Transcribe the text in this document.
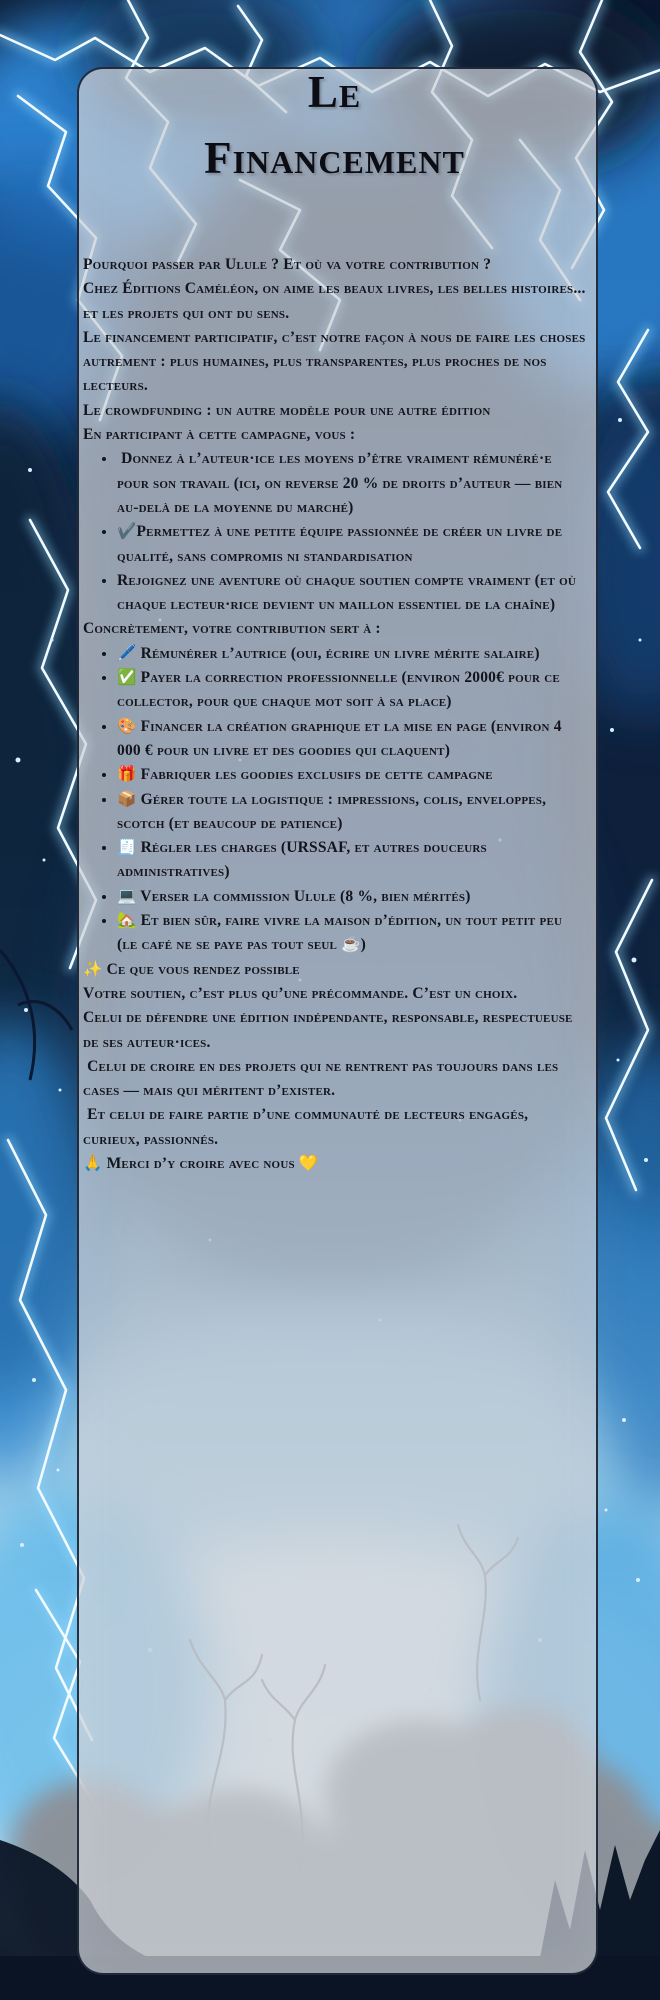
Le
Financement

Pourquoi passer par Ulule ? Et où va votre contribution ?

Chez Éditions Caméléon, on aime les beaux livres, les belles histoires... et les projets qui ont du sens.

Le financement participatif, c’est notre façon à nous de faire les choses autrement : plus humaines, plus transparentes, plus proches de nos lecteurs.

Le crowdfunding : un autre modèle pour une autre édition

En participant à cette campagne, vous :

•  Donnez à l’auteur·ice les moyens d’être vraiment rémunéré·e pour son travail (ici, on reverse 20 % de droits d’auteur — bien au-delà de la moyenne du marché)
• ✔️Permettez à une petite équipe passionnée de créer un livre de qualité, sans compromis ni standardisation
• Rejoignez une aventure où chaque soutien compte vraiment (et où chaque lecteur·rice devient un maillon essentiel de la chaîne)

Concrètement, votre contribution sert à :

• 🖊️ Rémunérer l’autrice (oui, écrire un livre mérite salaire)
• ✅ Payer la correction professionnelle (environ 2000€ pour ce collector, pour que chaque mot soit à sa place)
• 🎨 Financer la création graphique et la mise en page (environ 4 000 € pour un livre et des goodies qui claquent)
• 🎁 Fabriquer les goodies exclusifs de cette campagne
• 📦 Gérer toute la logistique : impressions, colis, enveloppes, scotch (et beaucoup de patience)
• 🧾 Régler les charges (URSSAF, et autres douceurs administratives)
• 💻 Verser la commission Ulule (8 %, bien mérités)
• 🏡 Et bien sûr, faire vivre la maison d’édition, un tout petit peu (le café ne se paye pas tout seul ☕)

✨ Ce que vous rendez possible

Votre soutien, c’est plus qu’une précommande. C’est un choix.

Celui de défendre une édition indépendante, responsable, respectueuse de ses auteur·ices.

Celui de croire en des projets qui ne rentrent pas toujours dans les cases — mais qui méritent d’exister.

Et celui de faire partie d’une communauté de lecteurs engagés, curieux, passionnés.

🙏 Merci d’y croire avec nous 💛
